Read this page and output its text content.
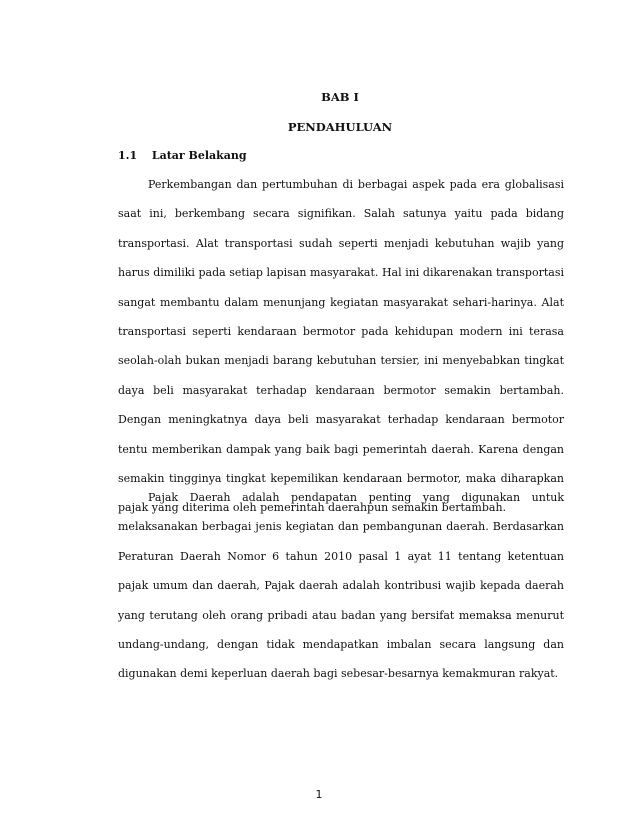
BAB I
PENDAHULUAN
1.1 Latar Belakang

Perkembangan dan pertumbuhan di berbagai aspek pada era globalisasi saat ini, berkembang secara signifikan. Salah satunya yaitu pada bidang transportasi. Alat transportasi sudah seperti menjadi kebutuhan wajib yang harus dimiliki pada setiap lapisan masyarakat. Hal ini dikarenakan transportasi sangat membantu dalam menunjang kegiatan masyarakat sehari-harinya. Alat transportasi seperti kendaraan bermotor pada kehidupan modern ini terasa seolah-olah bukan menjadi barang kebutuhan tersier, ini menyebabkan tingkat daya beli masyarakat terhadap kendaraan bermotor semakin bertambah. Dengan meningkatnya daya beli masyarakat terhadap kendaraan bermotor tentu memberikan dampak yang baik bagi pemerintah daerah. Karena dengan semakin tingginya tingkat kepemilikan kendaraan bermotor, maka diharapkan pajak yang diterima oleh pemerintah daerahpun semakin bertambah.

Pajak Daerah adalah pendapatan penting yang digunakan untuk melaksanakan berbagai jenis kegiatan dan pembangunan daerah. Berdasarkan Peraturan Daerah Nomor 6 tahun 2010 pasal 1 ayat 11 tentang ketentuan pajak umum dan daerah, Pajak daerah adalah kontribusi wajib kepada daerah yang terutang oleh orang pribadi atau badan yang bersifat memaksa menurut undang-undang, dengan tidak mendapatkan imbalan secara langsung dan digunakan demi keperluan daerah bagi sebesar-besarnya kemakmuran rakyat.

1
